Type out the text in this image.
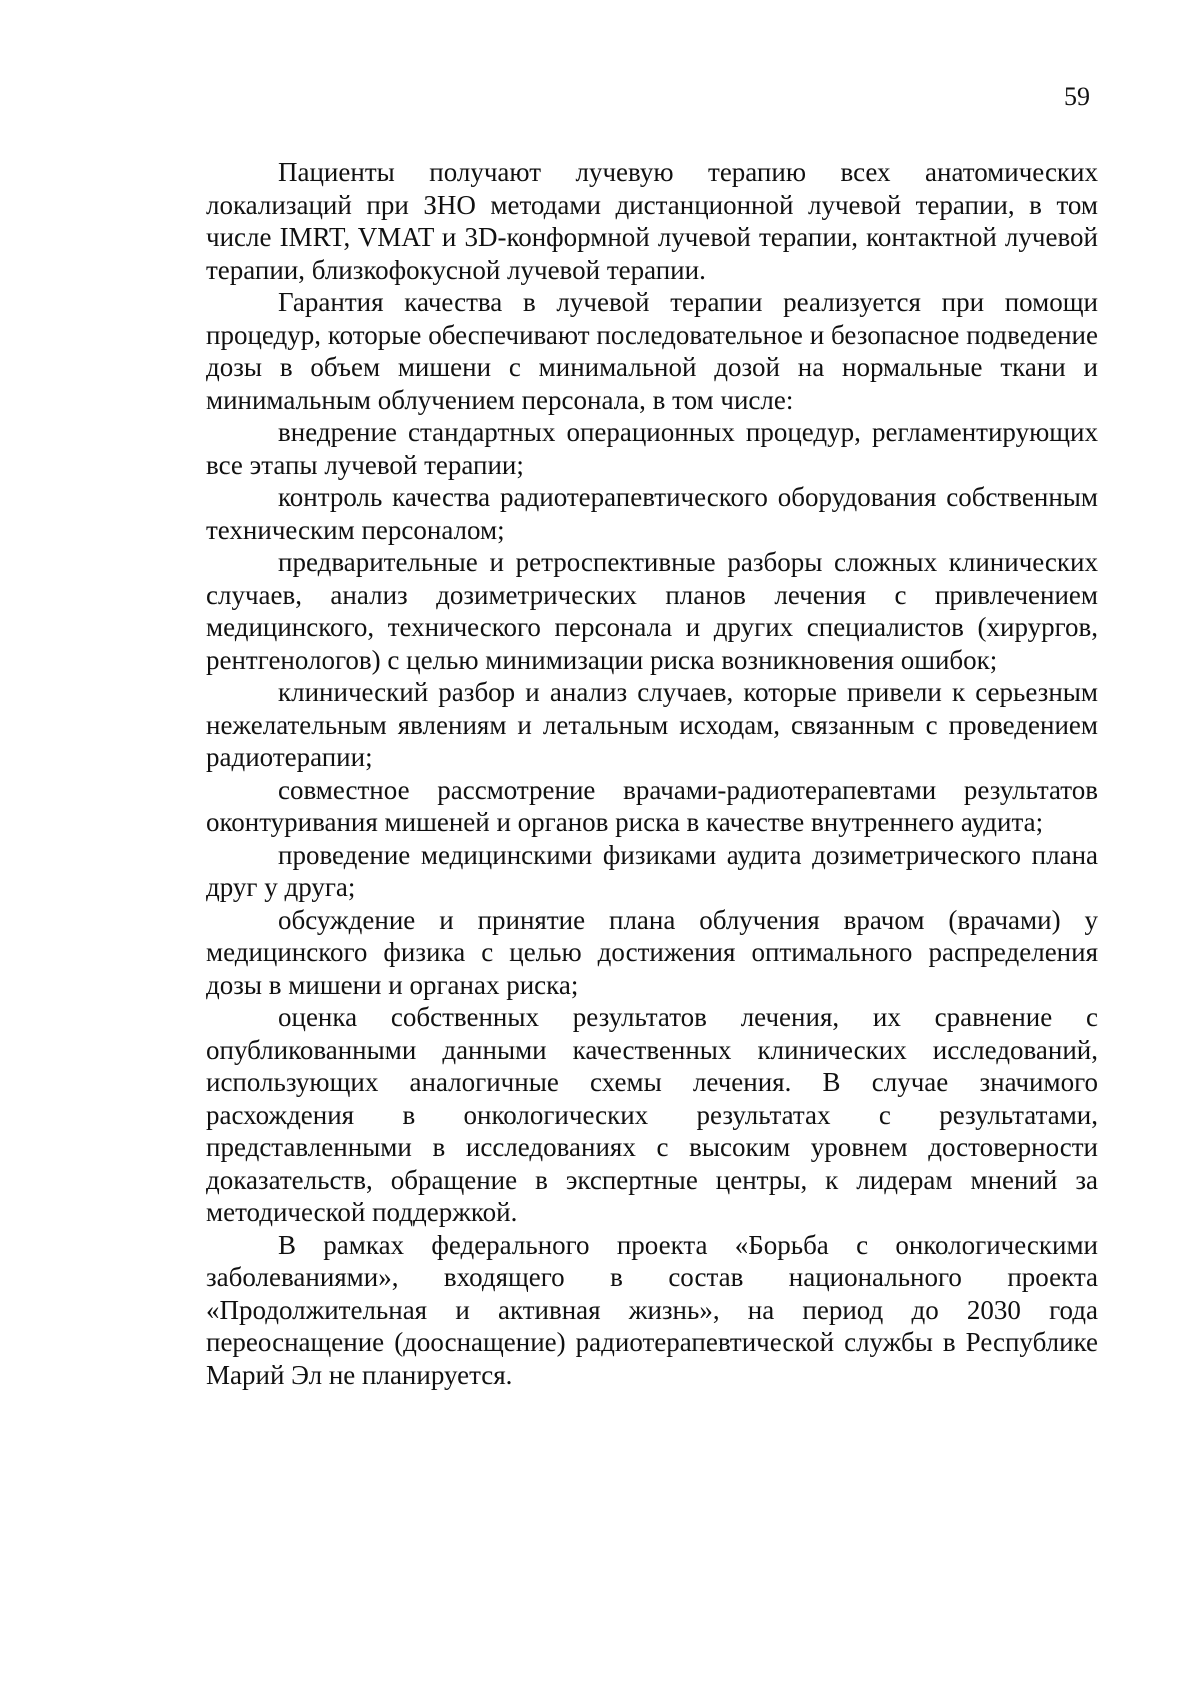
59

Пациенты получают лучевую терапию всех анатомических локализаций при ЗНО методами дистанционной лучевой терапии, в том числе IMRT, VMAT и 3D-конформной лучевой терапии, контактной лучевой терапии, близкофокусной лучевой терапии.

Гарантия качества в лучевой терапии реализуется при помощи процедур, которые обеспечивают последовательное и безопасное подведение дозы в объем мишени с минимальной дозой на нормальные ткани и минимальным облучением персонала, в том числе:

внедрение стандартных операционных процедур, регламентирующих все этапы лучевой терапии;

контроль качества радиотерапевтического оборудования собственным техническим персоналом;

предварительные и ретроспективные разборы сложных клинических случаев, анализ дозиметрических планов лечения с привлечением медицинского, технического персонала и других специалистов (хирургов, рентгенологов) с целью минимизации риска возникновения ошибок;

клинический разбор и анализ случаев, которые привели к серьезным нежелательным явлениям и летальным исходам, связанным с проведением радиотерапии;

совместное рассмотрение врачами-радиотерапевтами результатов оконтуривания мишеней и органов риска в качестве внутреннего аудита;

проведение медицинскими физиками аудита дозиметрического плана друг у друга;

обсуждение и принятие плана облучения врачом (врачами) у медицинского физика с целью достижения оптимального распределения дозы в мишени и органах риска;

оценка собственных результатов лечения, их сравнение с опубликованными данными качественных клинических исследований, использующих аналогичные схемы лечения. В случае значимого расхождения в онкологических результатах с результатами, представленными в исследованиях с высоким уровнем достоверности доказательств, обращение в экспертные центры, к лидерам мнений за методической поддержкой.

В рамках федерального проекта «Борьба с онкологическими заболеваниями», входящего в состав национального проекта «Продолжительная и активная жизнь», на период до 2030 года переоснащение (дооснащение) радиотерапевтической службы в Республике Марий Эл не планируется.
